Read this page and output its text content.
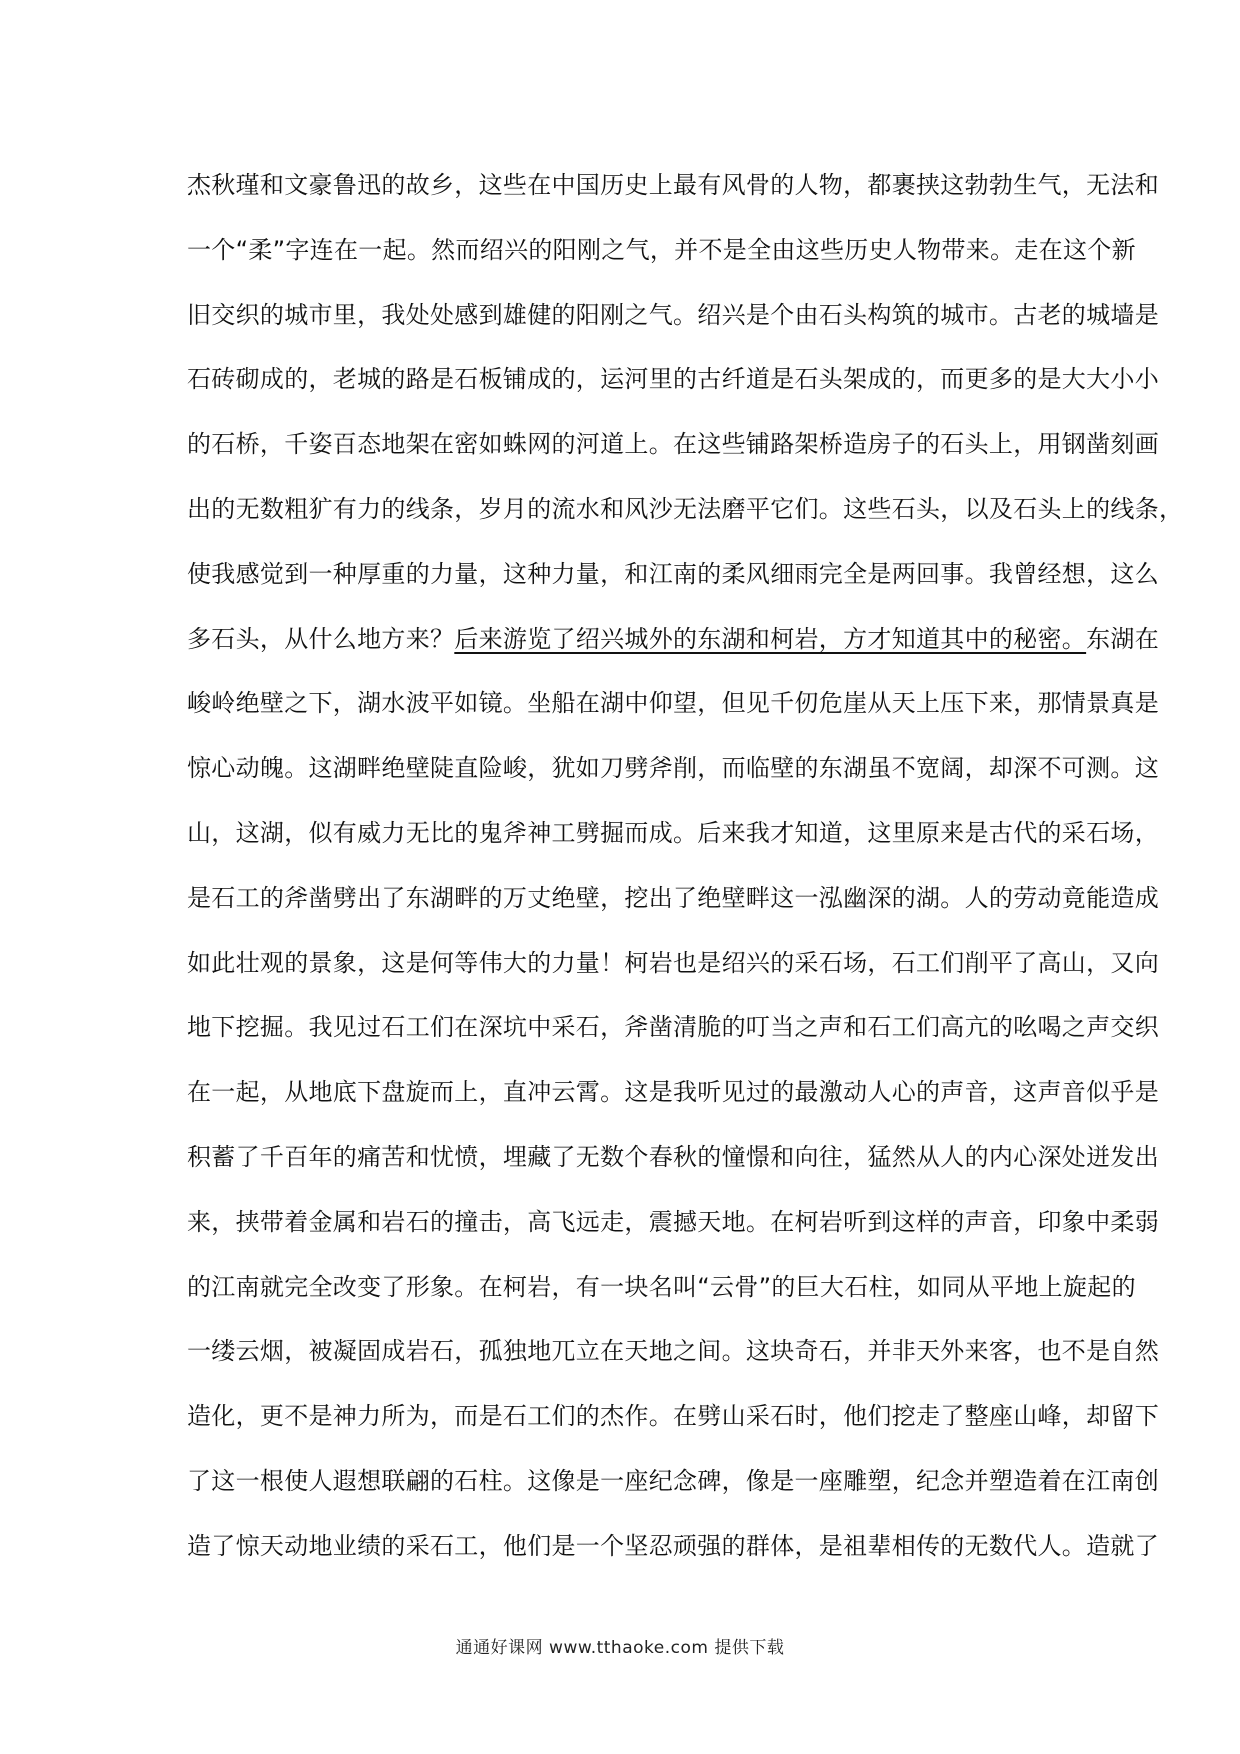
杰秋瑾和文豪鲁迅的故乡，这些在中国历史上最有风骨的人物，都裹挟这勃勃生气，无法和
一个“柔”字连在一起。然而绍兴的阳刚之气，并不是全由这些历史人物带来。走在这个新
旧交织的城市里，我处处感到雄健的阳刚之气。绍兴是个由石头构筑的城市。古老的城墙是
石砖砌成的，老城的路是石板铺成的，运河里的古纤道是石头架成的，而更多的是大大小小
的石桥，千姿百态地架在密如蛛网的河道上。在这些铺路架桥造房子的石头上，用钢凿刻画
出的无数粗犷有力的线条，岁月的流水和风沙无法磨平它们。这些石头，以及石头上的线条，
使我感觉到一种厚重的力量，这种力量，和江南的柔风细雨完全是两回事。我曾经想，这么
多石头，从什么地方来？后来游览了绍兴城外的东湖和柯岩，方才知道其中的秘密。东湖在
峻岭绝壁之下，湖水波平如镜。坐船在湖中仰望，但见千仞危崖从天上压下来，那情景真是
惊心动魄。这湖畔绝壁陡直险峻，犹如刀劈斧削，而临壁的东湖虽不宽阔，却深不可测。这
山，这湖，似有威力无比的鬼斧神工劈掘而成。后来我才知道，这里原来是古代的采石场，
是石工的斧凿劈出了东湖畔的万丈绝壁，挖出了绝壁畔这一泓幽深的湖。人的劳动竟能造成
如此壮观的景象，这是何等伟大的力量！柯岩也是绍兴的采石场，石工们削平了高山，又向
地下挖掘。我见过石工们在深坑中采石，斧凿清脆的叮当之声和石工们高亢的吆喝之声交织
在一起，从地底下盘旋而上，直冲云霄。这是我听见过的最激动人心的声音，这声音似乎是
积蓄了千百年的痛苦和忧愤，埋藏了无数个春秋的憧憬和向往，猛然从人的内心深处迸发出
来，挟带着金属和岩石的撞击，高飞远走，震撼天地。在柯岩听到这样的声音，印象中柔弱
的江南就完全改变了形象。在柯岩，有一块名叫“云骨”的巨大石柱，如同从平地上旋起的
一缕云烟，被凝固成岩石，孤独地兀立在天地之间。这块奇石，并非天外来客，也不是自然
造化，更不是神力所为，而是石工们的杰作。在劈山采石时，他们挖走了整座山峰，却留下
了这一根使人遐想联翩的石柱。这像是一座纪念碑，像是一座雕塑，纪念并塑造着在江南创
造了惊天动地业绩的采石工，他们是一个坚忍顽强的群体，是祖辈相传的无数代人。造就了
通通好课网 www.tthaoke.com 提供下载
